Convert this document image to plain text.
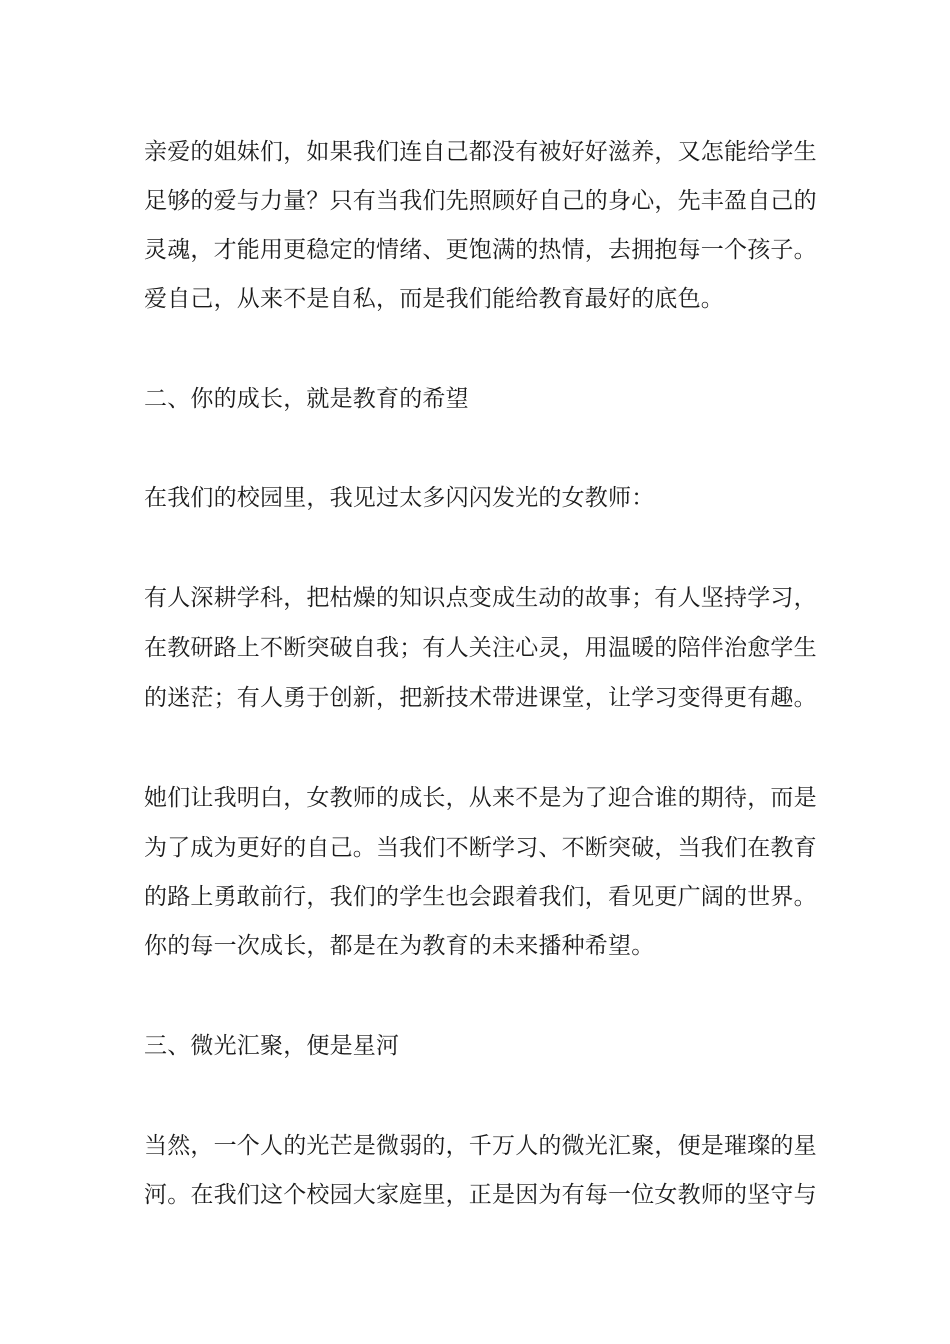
亲爱的姐妹们，如果我们连自己都没有被好好滋养，又怎能给学生
足够的爱与力量？只有当我们先照顾好自己的身心，先丰盈自己的
灵魂，才能用更稳定的情绪、更饱满的热情，去拥抱每一个孩子。
爱自己，从来不是自私，而是我们能给教育最好的底色。
二、你的成长，就是教育的希望
在我们的校园里，我见过太多闪闪发光的女教师：
有人深耕学科，把枯燥的知识点变成生动的故事；有人坚持学习，
在教研路上不断突破自我；有人关注心灵，用温暖的陪伴治愈学生
的迷茫；有人勇于创新，把新技术带进课堂，让学习变得更有趣。
她们让我明白，女教师的成长，从来不是为了迎合谁的期待，而是
为了成为更好的自己。当我们不断学习、不断突破，当我们在教育
的路上勇敢前行，我们的学生也会跟着我们，看见更广阔的世界。
你的每一次成长，都是在为教育的未来播种希望。
三、微光汇聚，便是星河
当然，一个人的光芒是微弱的，千万人的微光汇聚，便是璀璨的星
河。在我们这个校园大家庭里，正是因为有每一位女教师的坚守与
